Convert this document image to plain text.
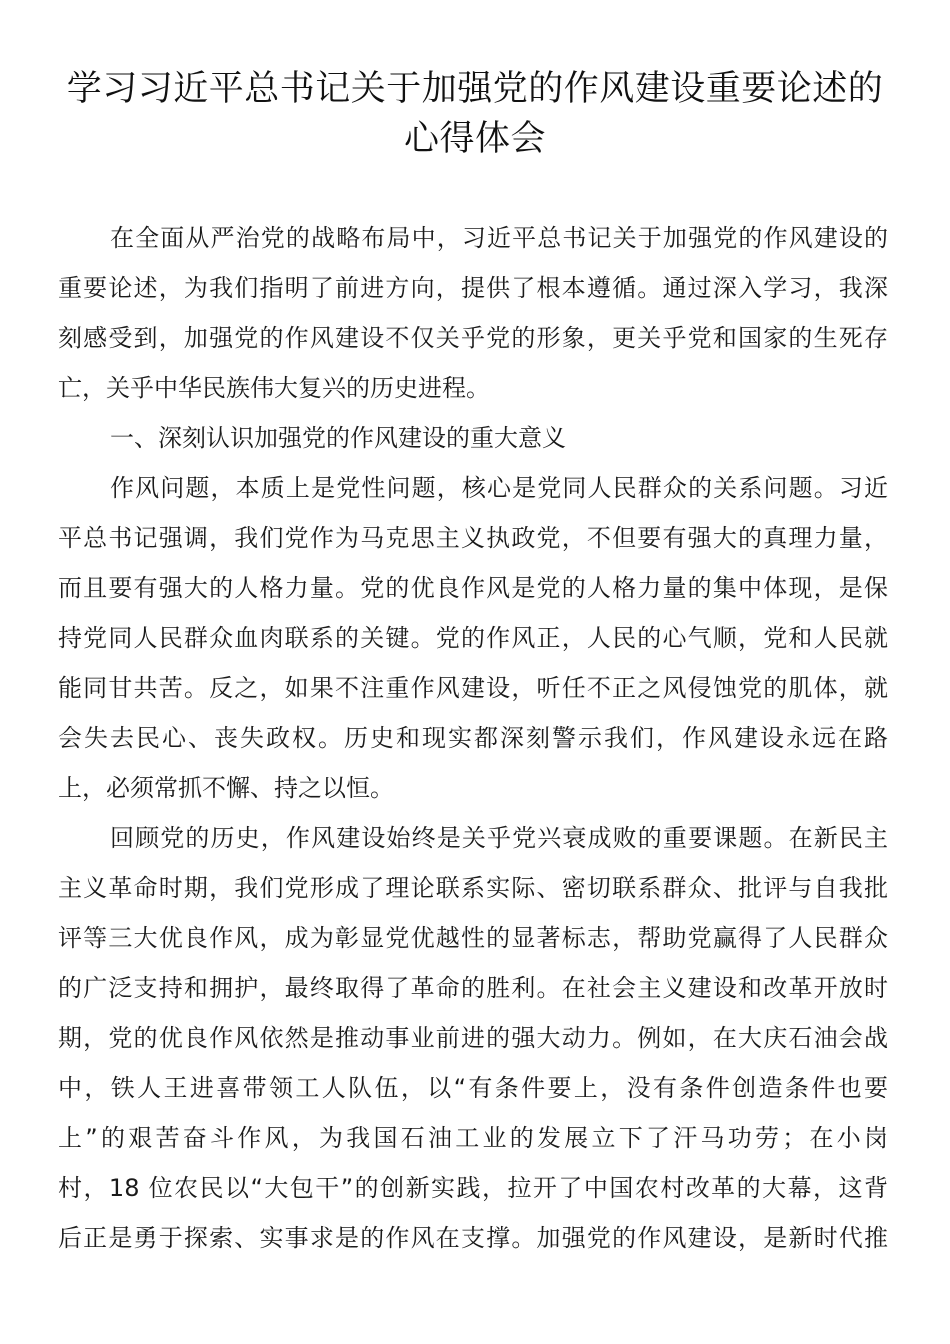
学习习近平总书记关于加强党的作风建设重要论述的
心得体会
在全面从严治党的战略布局中，习近平总书记关于加强党的作风建设的
重要论述，为我们指明了前进方向，提供了根本遵循。通过深入学习，我深
刻感受到，加强党的作风建设不仅关乎党的形象，更关乎党和国家的生死存
亡，关乎中华民族伟大复兴的历史进程。
一、深刻认识加强党的作风建设的重大意义
作风问题，本质上是党性问题，核心是党同人民群众的关系问题。习近
平总书记强调，我们党作为马克思主义执政党，不但要有强大的真理力量，
而且要有强大的人格力量。党的优良作风是党的人格力量的集中体现，是保
持党同人民群众血肉联系的关键。党的作风正，人民的心气顺，党和人民就
能同甘共苦。反之，如果不注重作风建设，听任不正之风侵蚀党的肌体，就
会失去民心、丧失政权。历史和现实都深刻警示我们，作风建设永远在路
上，必须常抓不懈、持之以恒。
回顾党的历史，作风建设始终是关乎党兴衰成败的重要课题。在新民主
主义革命时期，我们党形成了理论联系实际、密切联系群众、批评与自我批
评等三大优良作风，成为彰显党优越性的显著标志，帮助党赢得了人民群众
的广泛支持和拥护，最终取得了革命的胜利。在社会主义建设和改革开放时
期，党的优良作风依然是推动事业前进的强大动力。例如，在大庆石油会战
中，铁人王进喜带领工人队伍，以“有条件要上，没有条件创造条件也要
上”的艰苦奋斗作风，为我国石油工业的发展立下了汗马功劳；在小岗
村，18 位农民以“大包干”的创新实践，拉开了中国农村改革的大幕，这背
后正是勇于探索、实事求是的作风在支撑。加强党的作风建设，是新时代推
